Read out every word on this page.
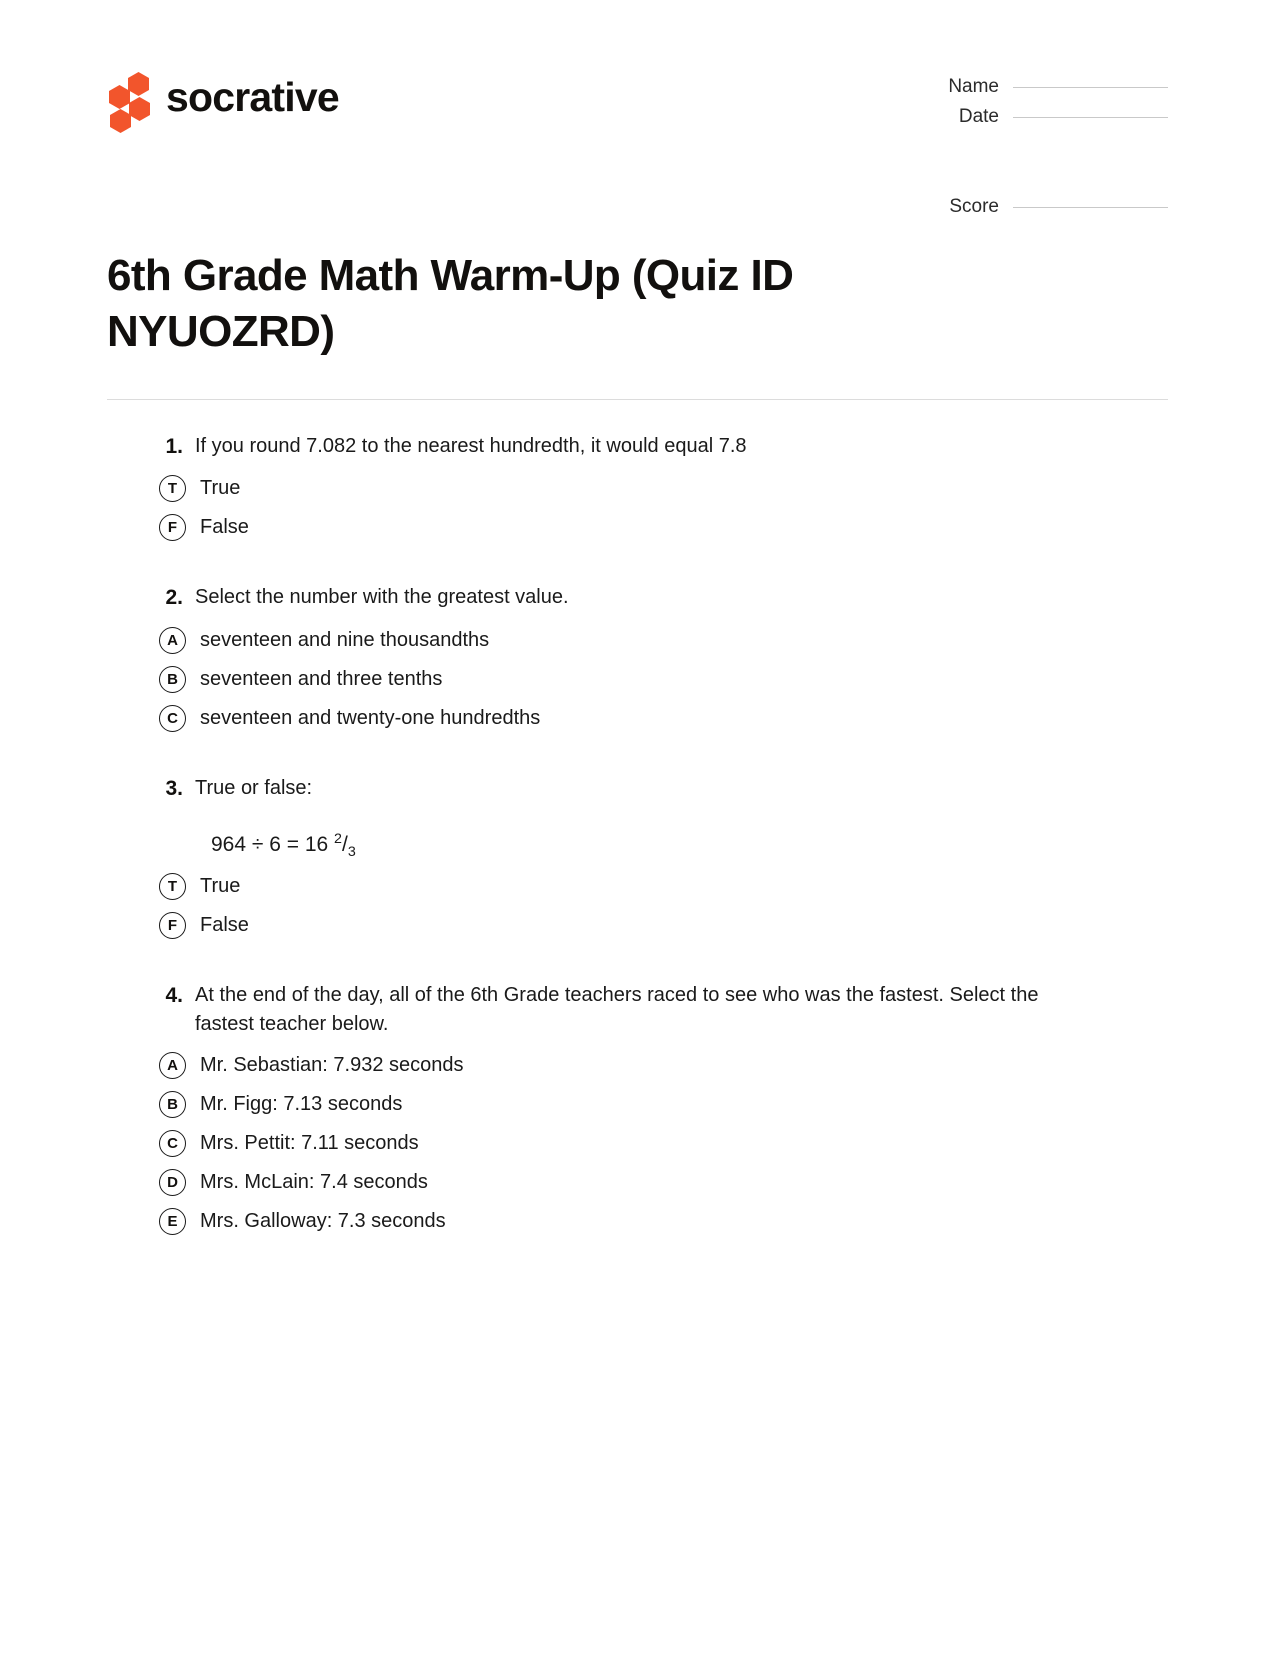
socrative	Name
Date
Score
6th Grade Math Warm-Up (Quiz ID NYUOZRD)
1. If you round 7.082 to the nearest hundredth, it would equal 7.8
T	True
F	False
2. Select the number with the greatest value.
A	seventeen and nine thousandths
B	seventeen and three tenths
C	seventeen and twenty-one hundredths
3. True or false:
964 ÷ 6 = 16 $^2/_3$
T	True
F	False
4. At the end of the day, all of the 6th Grade teachers raced to see who was the fastest. Select the fastest teacher below.
A	Mr. Sebastian: 7.932 seconds
B	Mr. Figg: 7.13 seconds
C	Mrs. Pettit: 7.11 seconds
D	Mrs. McLain: 7.4 seconds
E	Mrs. Galloway: 7.3 seconds
